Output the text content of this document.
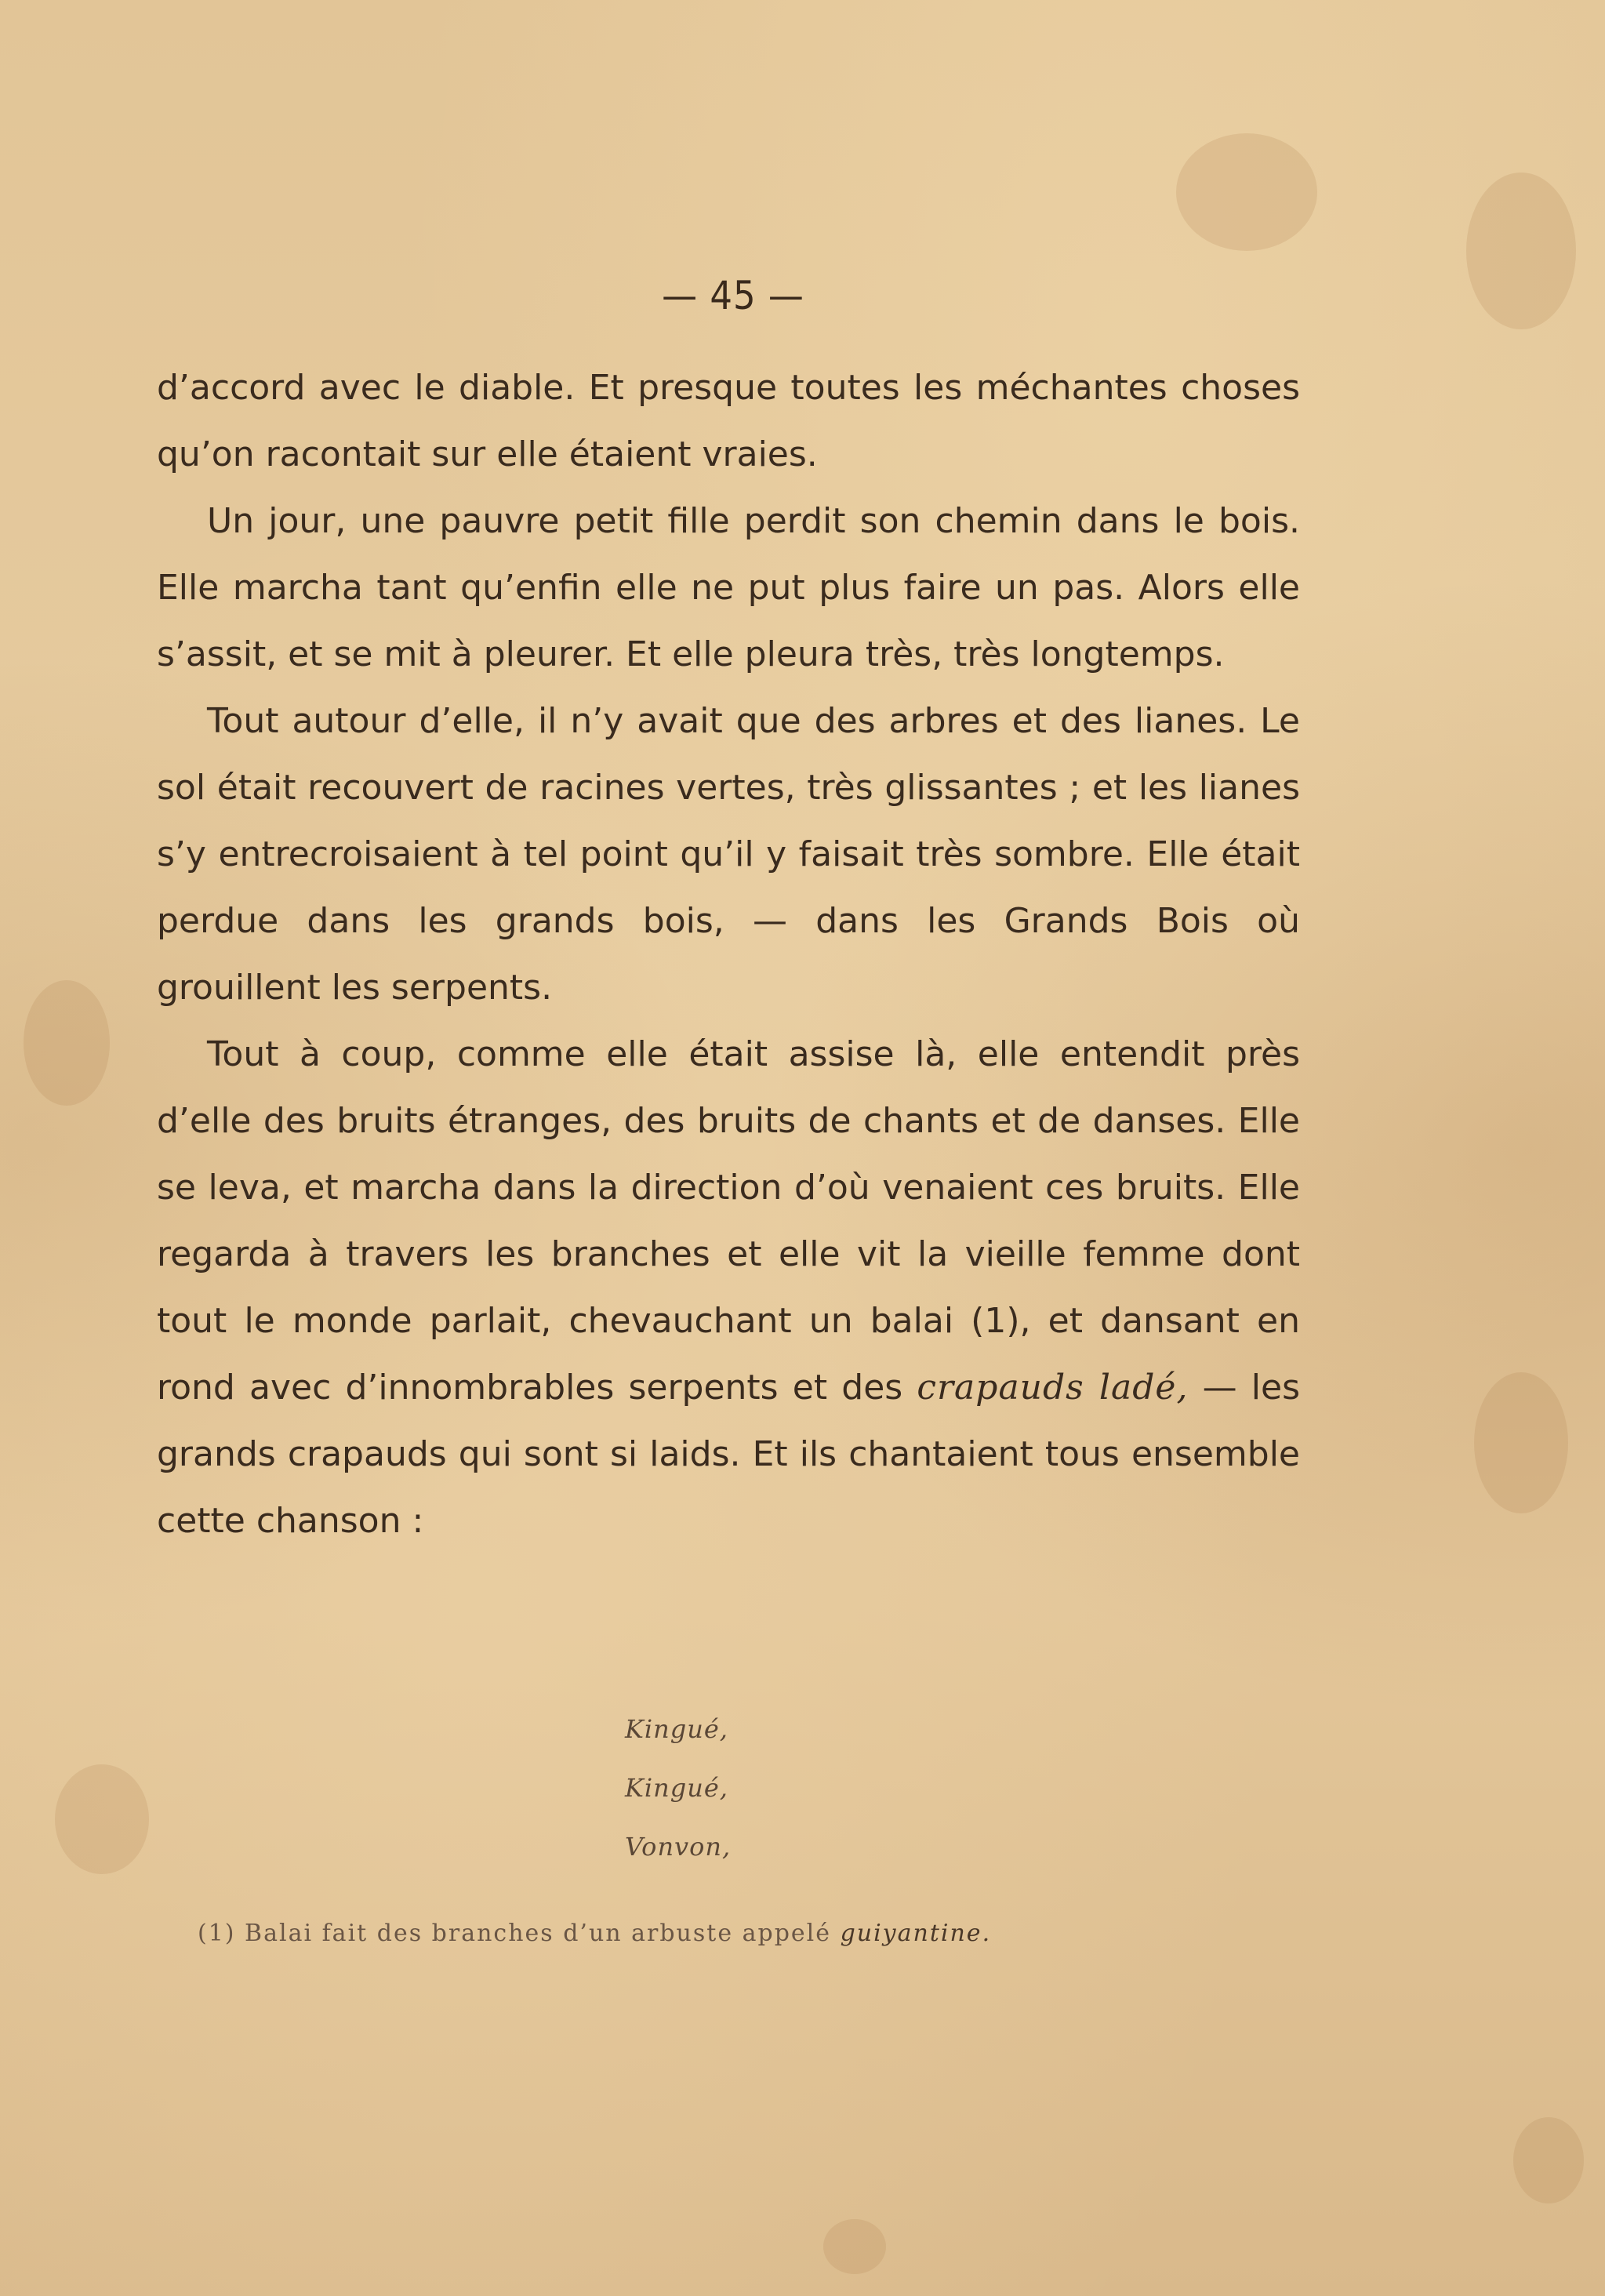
— 45 —

d’accord avec le diable. Et presque toutes les méchantes choses qu’on racontait sur elle étaient vraies.

Un jour, une pauvre petit fille perdit son chemin dans le bois. Elle marcha tant qu’enfin elle ne put plus faire un pas. Alors elle s’assit, et se mit à pleurer. Et elle pleura très, très longtemps.

Tout autour d’elle, il n’y avait que des arbres et des lianes. Le sol était recouvert de racines vertes, très glissantes ; et les lianes s’y entrecroisaient à tel point qu’il y faisait très sombre. Elle était perdue dans les grands bois, — dans les Grands Bois où grouillent les serpents.

Tout à coup, comme elle était assise là, elle entendit près d’elle des bruits étranges, des bruits de chants et de danses. Elle se leva, et marcha dans la direction d’où venaient ces bruits. Elle regarda à travers les branches et elle vit la vieille femme dont tout le monde parlait, chevauchant un balai (1), et dansant en rond avec d’innombrables serpents et des crapauds ladé, — les grands crapauds qui sont si laids. Et ils chantaient tous ensemble cette chanson :

Kingué,
Kingué,
Vonvon,
(1) Balai fait des branches d’un arbuste appelé guiyantine.
